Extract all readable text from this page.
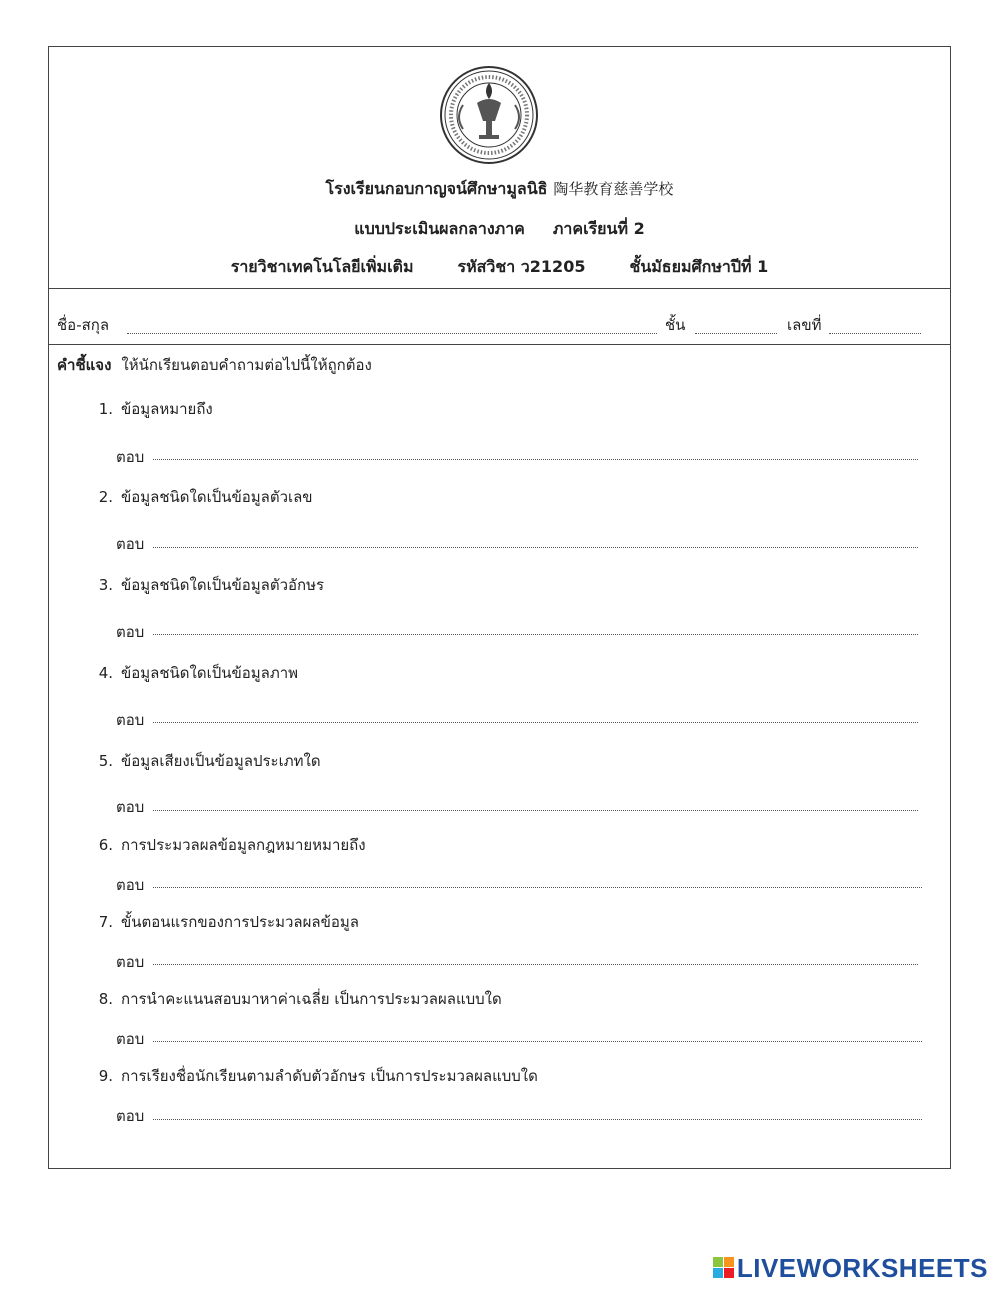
โรงเรียนกอบกาญจน์ศึกษามูลนิธิ 陶华教育慈善学校
แบบประเมินผลกลางภาค ภาคเรียนที่ 2
รายวิชาเทคโนโลยีเพิ่มเติม	รหัสวิชา ว21205	ชั้นมัธยมศึกษาปีที่ 1
ชื่อ-สกุล	ชั้น	เลขที่
คำชี้แจง ให้นักเรียนตอบคำถามต่อไปนี้ให้ถูกต้อง
1. ข้อมูลหมายถึง
ตอบ
2. ข้อมูลชนิดใดเป็นข้อมูลตัวเลข
ตอบ
3. ข้อมูลชนิดใดเป็นข้อมูลตัวอักษร
ตอบ
4. ข้อมูลชนิดใดเป็นข้อมูลภาพ
ตอบ
5. ข้อมูลเสียงเป็นข้อมูลประเภทใด
ตอบ
6. การประมวลผลข้อมูลกฎหมายหมายถึง
ตอบ
7. ขั้นตอนแรกของการประมวลผลข้อมูล
ตอบ
8. การนำคะแนนสอบมาหาค่าเฉลี่ย เป็นการประมวลผลแบบใด
ตอบ
9. การเรียงชื่อนักเรียนตามลำดับตัวอักษร เป็นการประมวลผลแบบใด
ตอบ
LIVEWORKSHEETS
